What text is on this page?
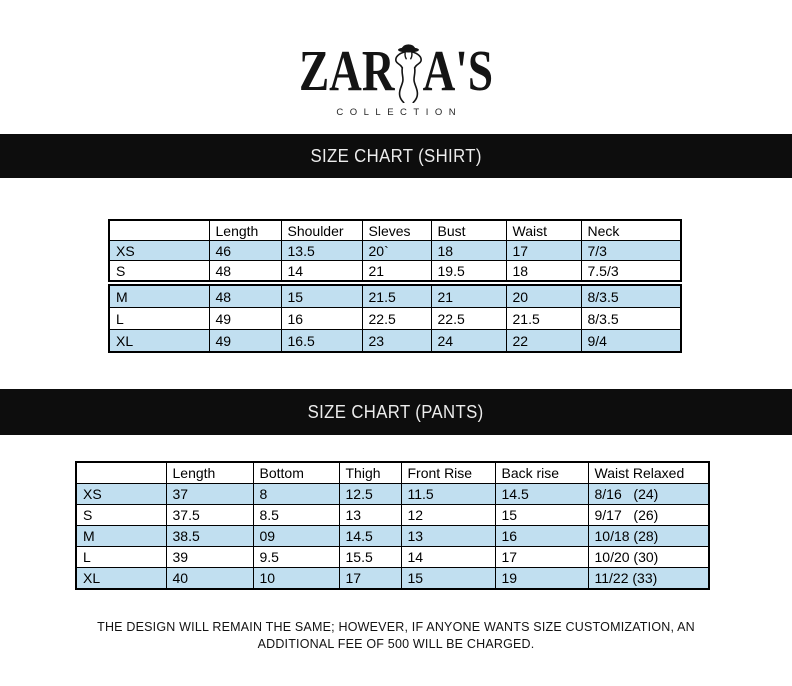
ZAR A'S
COLLECTION
SIZE CHART (SHIRT)
	Length	Shoulder	Sleves	Bust	Waist	Neck
XS	46	13.5	20`	18	17	7/3
S	48	14	21	19.5	18	7.5/3
M	48	15	21.5	21	20	8/3.5
L	49	16	22.5	22.5	21.5	8/3.5
XL	49	16.5	23	24	22	9/4
SIZE CHART (PANTS)
	Length	Bottom	Thigh	Front Rise	Back rise	Waist Relaxed
XS	37	8	12.5	11.5	14.5	8/16   (24)
S	37.5	8.5	13	12	15	9/17   (26)
M	38.5	09	14.5	13	16	10/18 (28)
L	39	9.5	15.5	14	17	10/20 (30)
XL	40	10	17	15	19	11/22 (33)
THE DESIGN WILL REMAIN THE SAME; HOWEVER, IF ANYONE WANTS SIZE CUSTOMIZATION, AN
ADDITIONAL FEE OF 500 WILL BE CHARGED.
